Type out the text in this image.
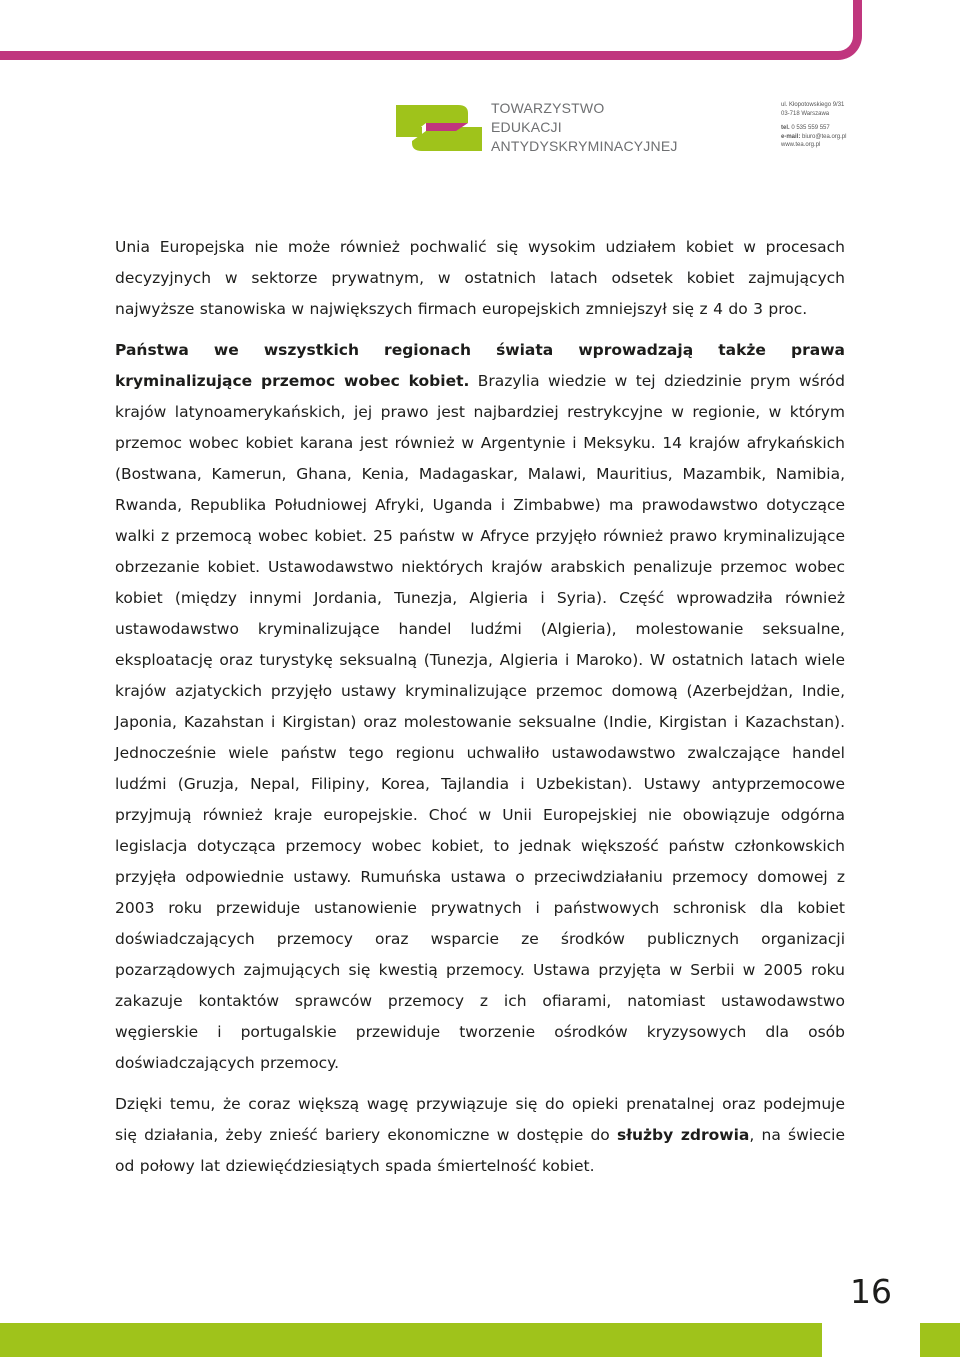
TOWARZYSTWO
EDUKACJI
ANTYDYSKRYMINACYJNEJ
ul. Kłopotowskiego 9/31
03-718 Warszawa
tel. 0 535 559 557
e-mail: biuro@tea.org.pl
www.tea.org.pl

Unia Europejska nie może również pochwalić się wysokim udziałem kobiet w procesach decyzyjnych w sektorze prywatnym, w ostatnich latach odsetek kobiet zajmujących najwyższe stanowiska w największych firmach europejskich zmniejszył się z 4 do 3 proc.

Państwa we wszystkich regionach świata wprowadzają także prawa kryminalizujące przemoc wobec kobiet. Brazylia wiedzie w tej dziedzinie prym wśród krajów latynoamerykańskich, jej prawo jest najbardziej restrykcyjne w regionie, w którym przemoc wobec kobiet karana jest również w Argentynie i Meksyku. 14 krajów afrykańskich (Bostwana, Kamerun, Ghana, Kenia, Madagaskar, Malawi, Mauritius, Mazambik, Namibia, Rwanda, Republika Południowej Afryki, Uganda i Zimbabwe) ma prawodawstwo dotyczące walki z przemocą wobec kobiet. 25 państw w Afryce przyjęło również prawo kryminalizujące obrzezanie kobiet. Ustawodawstwo niektórych krajów arabskich penalizuje przemoc wobec kobiet (między innymi Jordania, Tunezja, Algieria i Syria). Część wprowadziła również ustawodawstwo kryminalizujące handel ludźmi (Algieria), molestowanie seksualne, eksploatację oraz turystykę seksualną (Tunezja, Algieria i Maroko). W ostatnich latach wiele krajów azjatyckich przyjęło ustawy kryminalizujące przemoc domową (Azerbejdżan, Indie, Japonia, Kazahstan i Kirgistan) oraz molestowanie seksualne (Indie, Kirgistan i Kazachstan). Jednocześnie wiele państw tego regionu uchwaliło ustawodawstwo zwalczające handel ludźmi (Gruzja, Nepal, Filipiny, Korea, Tajlandia i Uzbekistan). Ustawy antyprzemocowe przyjmują również kraje europejskie. Choć w Unii Europejskiej nie obowiązuje odgórna legislacja dotycząca przemocy wobec kobiet, to jednak większość państw członkowskich przyjęła odpowiednie ustawy. Rumuńska ustawa o przeciwdziałaniu przemocy domowej z 2003 roku przewiduje ustanowienie prywatnych i państwowych schronisk dla kobiet doświadczających przemocy oraz wsparcie ze środków publicznych organizacji pozarządowych zajmujących się kwestią przemocy. Ustawa przyjęta w Serbii w 2005 roku zakazuje kontaktów sprawców przemocy z ich ofiarami, natomiast ustawodawstwo węgierskie i portugalskie przewiduje tworzenie ośrodków kryzysowych dla osób doświadczających przemocy.

Dzięki temu, że coraz większą wagę przywiązuje się do opieki prenatalnej oraz podejmuje się działania, żeby znieść bariery ekonomiczne w dostępie do służby zdrowia, na świecie od połowy lat dziewięćdziesiątych spada śmiertelność kobiet.

16
